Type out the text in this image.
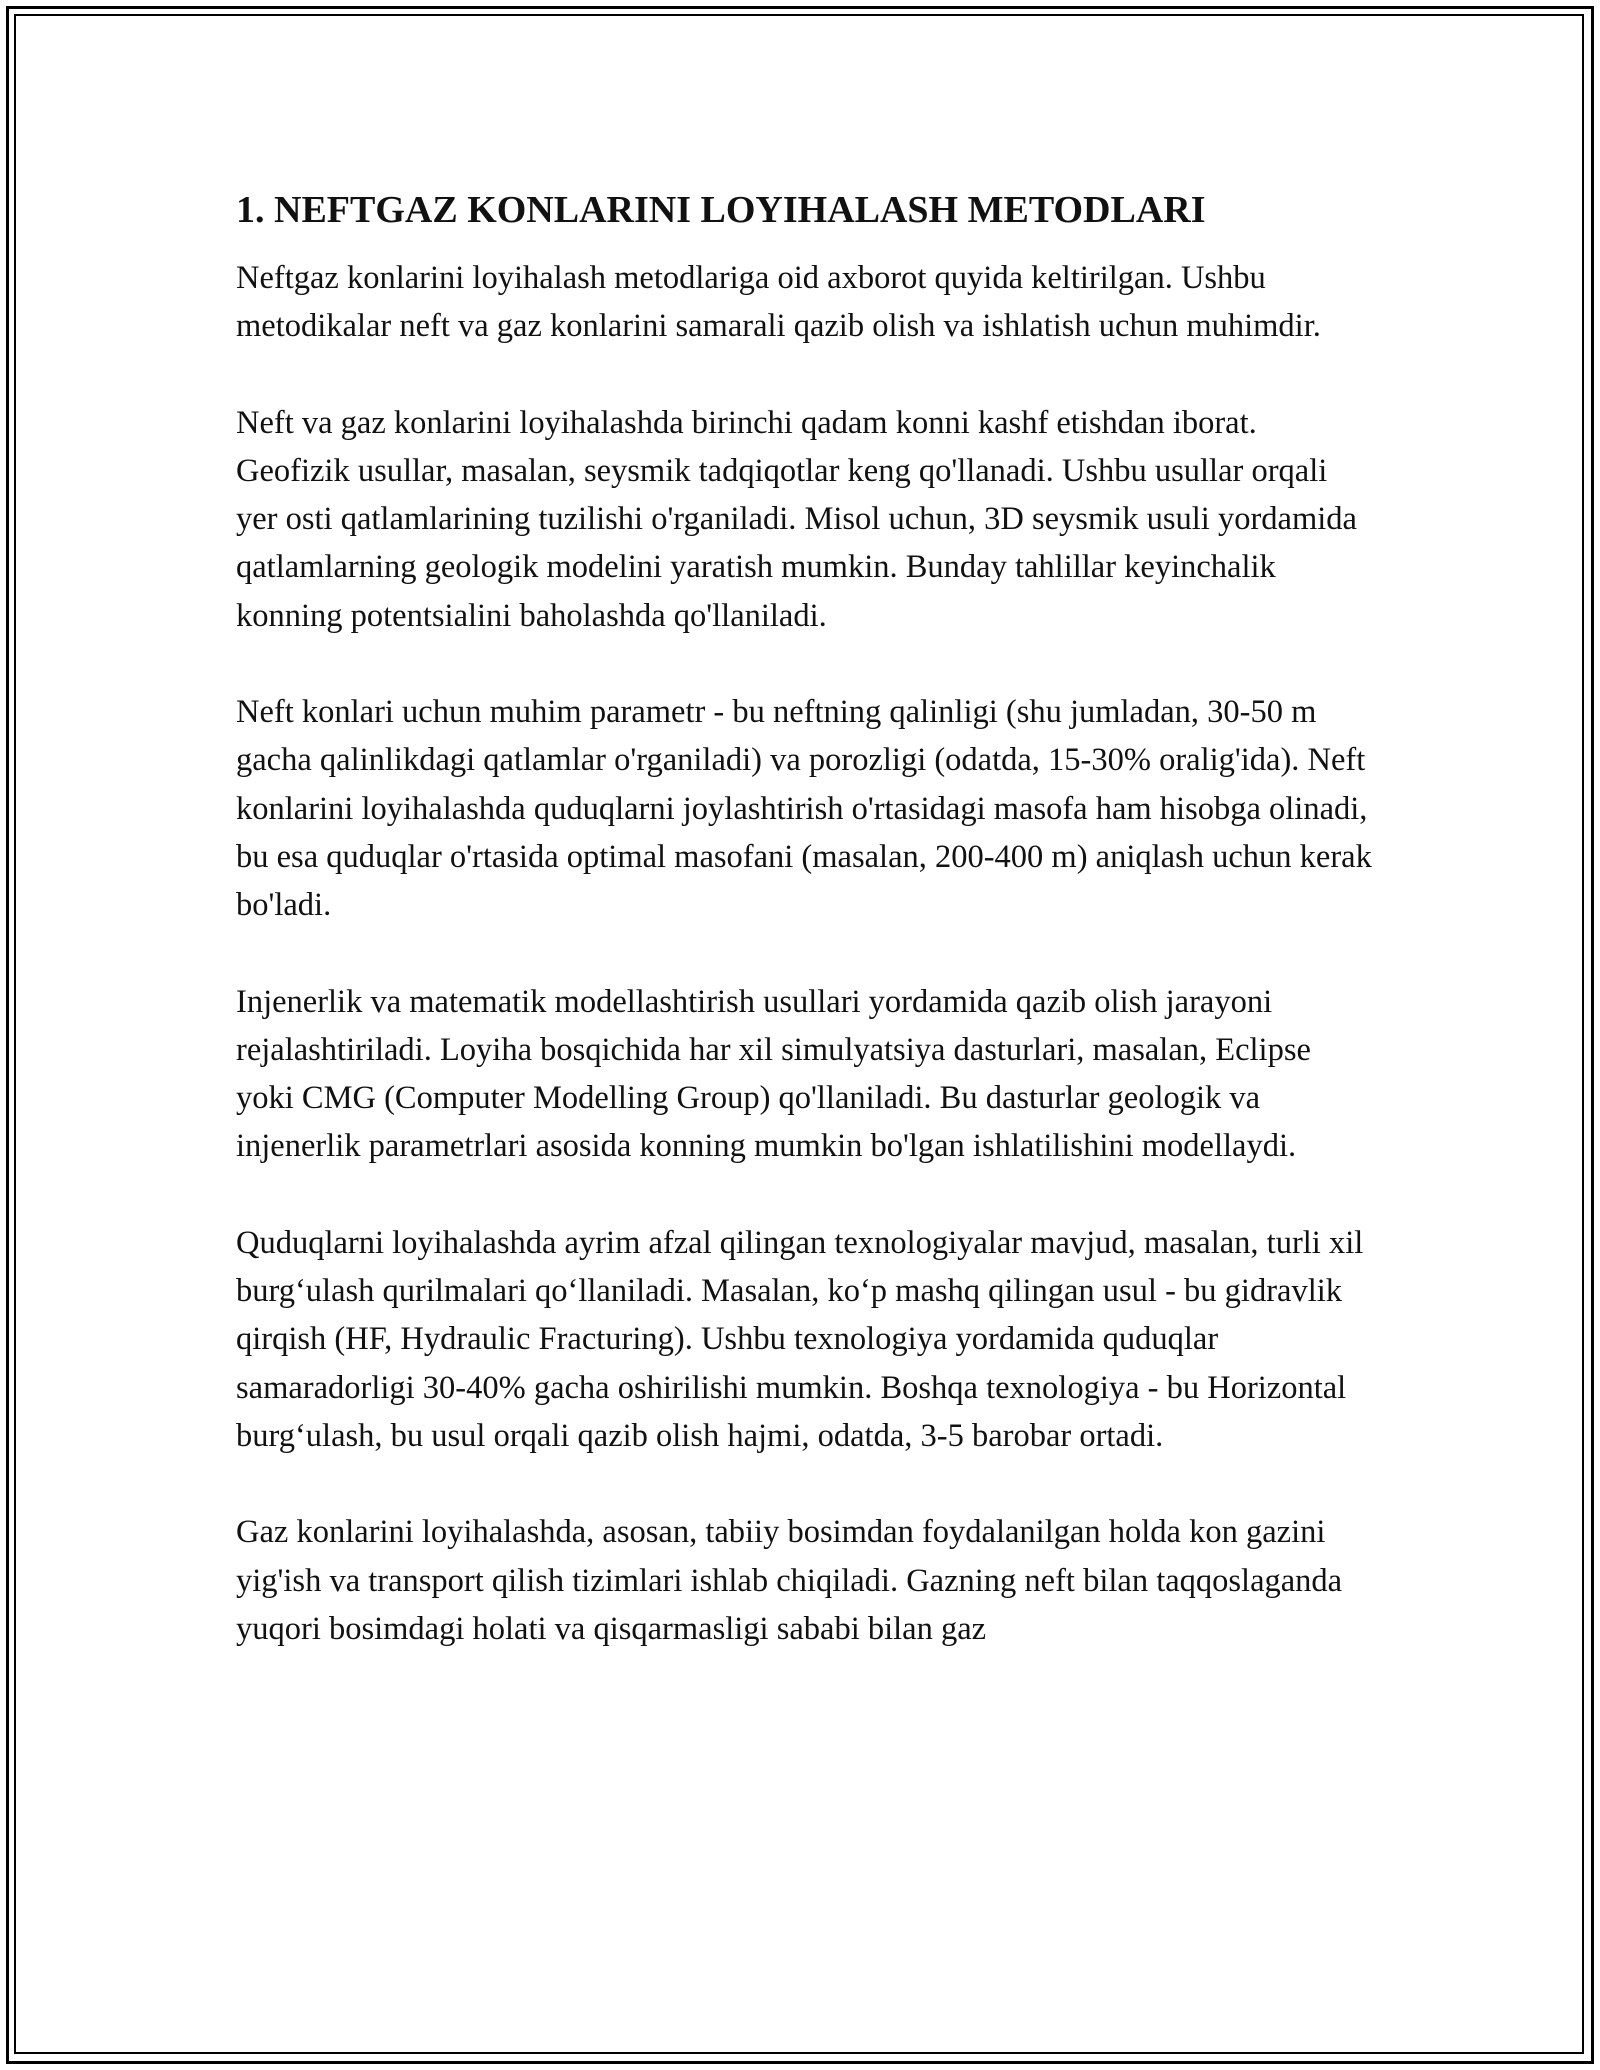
1. NEFTGAZ KONLARINI LOYIHALASH METODLARI

Neftgaz konlarini loyihalash metodlariga oid axborot quyida keltirilgan. Ushbu metodikalar neft va gaz konlarini samarali qazib olish va ishlatish uchun muhimdir.

Neft va gaz konlarini loyihalashda birinchi qadam konni kashf etishdan iborat. Geofizik usullar, masalan, seysmik tadqiqotlar keng qo'llanadi. Ushbu usullar orqali yer osti qatlamlarining tuzilishi o'rganiladi. Misol uchun, 3D seysmik usuli yordamida qatlamlarning geologik modelini yaratish mumkin. Bunday tahlillar keyinchalik konning potentsialini baholashda qo'llaniladi.

Neft konlari uchun muhim parametr - bu neftning qalinligi (shu jumladan, 30-50 m gacha qalinlikdagi qatlamlar o'rganiladi) va porozligi (odatda, 15-30% oralig'ida). Neft konlarini loyihalashda quduqlarni joylashtirish o'rtasidagi masofa ham hisobga olinadi, bu esa quduqlar o'rtasida optimal masofani (masalan, 200-400 m) aniqlash uchun kerak bo'ladi.

Injenerlik va matematik modellashtirish usullari yordamida qazib olish jarayoni rejalashtiriladi. Loyiha bosqichida har xil simulyatsiya dasturlari, masalan, Eclipse yoki CMG (Computer Modelling Group) qo'llaniladi. Bu dasturlar geologik va injenerlik parametrlari asosida konning mumkin bo'lgan ishlatilishini modellaydi.

Quduqlarni loyihalashda ayrim afzal qilingan texnologiyalar mavjud, masalan, turli xil burg‘ulash qurilmalari qo‘llaniladi. Masalan, ko‘p mashq qilingan usul - bu gidravlik qirqish (HF, Hydraulic Fracturing). Ushbu texnologiya yordamida quduqlar samaradorligi 30-40% gacha oshirilishi mumkin. Boshqa texnologiya - bu Horizontal burg‘ulash, bu usul orqali qazib olish hajmi, odatda, 3-5 barobar ortadi.

Gaz konlarini loyihalashda, asosan, tabiiy bosimdan foydalanilgan holda kon gazini yig'ish va transport qilish tizimlari ishlab chiqiladi. Gazning neft bilan taqqoslaganda yuqori bosimdagi holati va qisqarmasligi sababi bilan gaz
